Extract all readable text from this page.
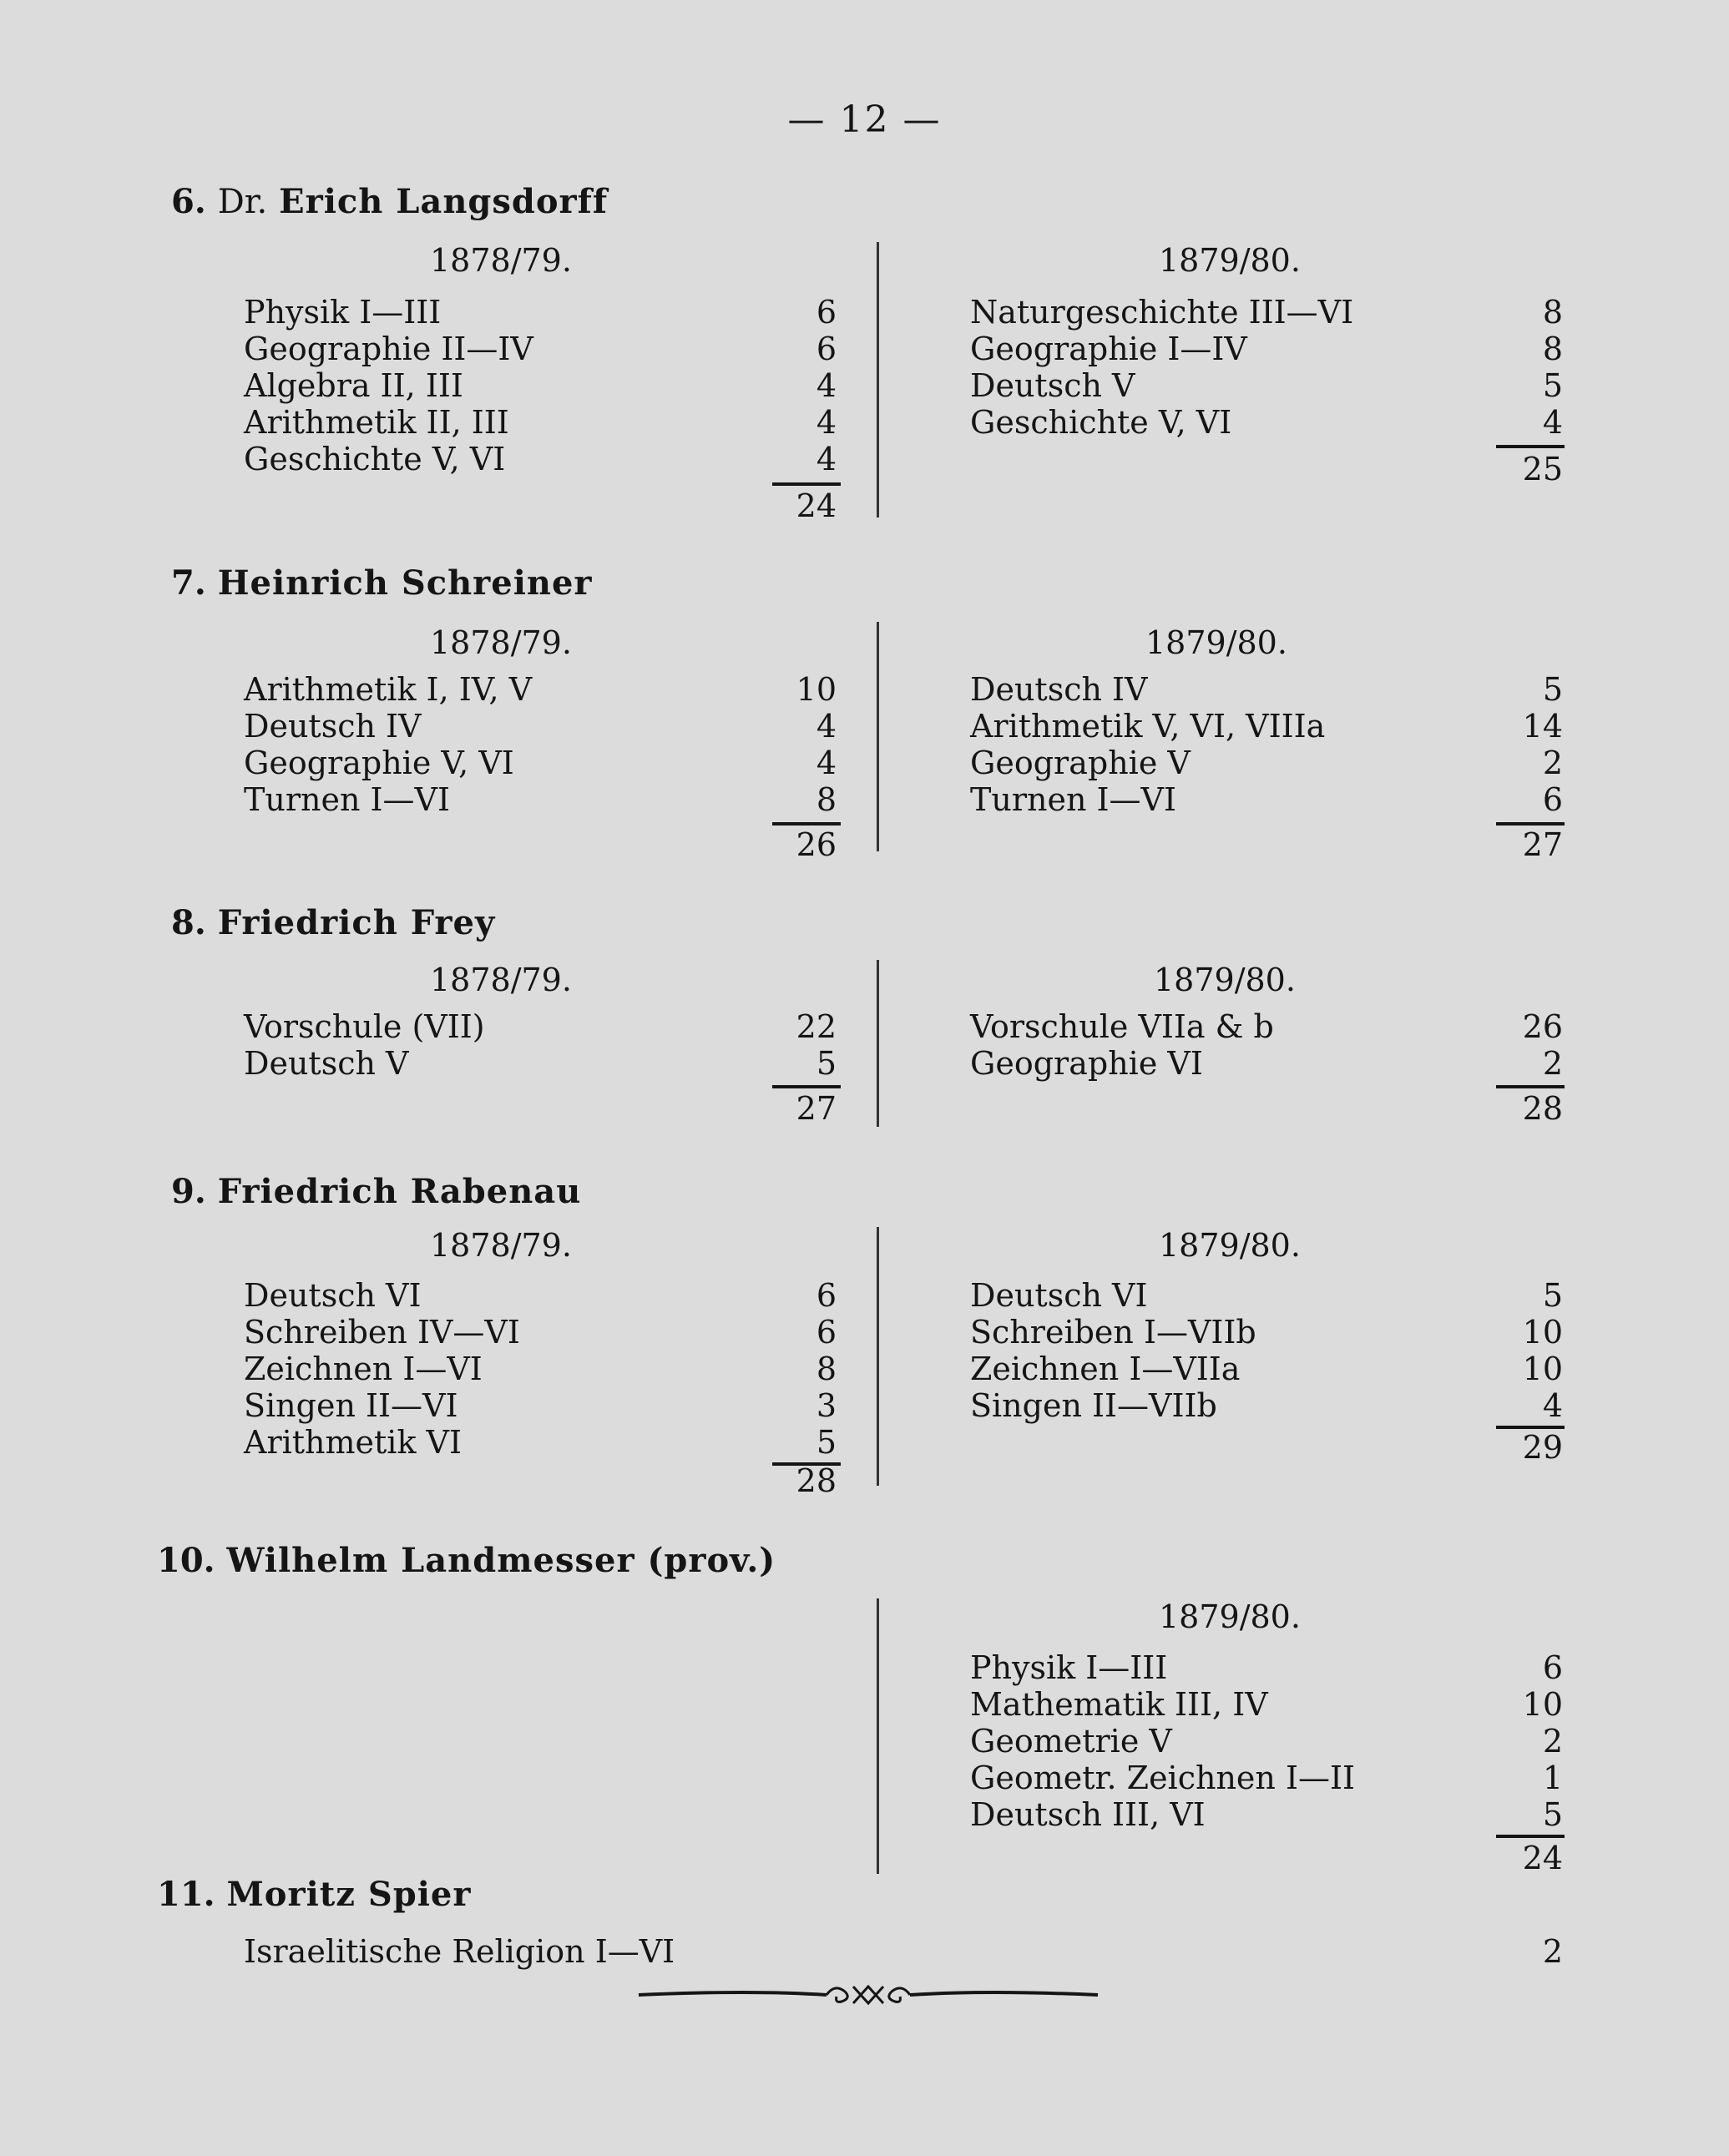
— 12 —
6. Dr. Erich Langsdorff
1878/79.	1879/80.
Physik I—III	6
Geographie II—IV	6
Algebra II, III	4
Arithmetik II, III	4
Geschichte V, VI	4
24
Naturgeschichte III—VI	8
Geographie I—IV	8
Deutsch V	5
Geschichte V, VI	4
25
7. Heinrich Schreiner
1878/79.	1879/80.
Arithmetik I, IV, V	10
Deutsch IV	4
Geographie V, VI	4
Turnen I—VI	8
26
Deutsch IV	5
Arithmetik V, VI, VIIIa	14
Geographie V	2
Turnen I—VI	6
27
8. Friedrich Frey
1878/79.	1879/80.
Vorschule (VII)	22
Deutsch V	5
27
Vorschule VIIa & b	26
Geographie VI	2
28
9. Friedrich Rabenau
1878/79.	1879/80.
Deutsch VI	6
Schreiben IV—VI	6
Zeichnen I—VI	8
Singen II—VI	3
Arithmetik VI	5
28
Deutsch VI	5
Schreiben I—VIIb	10
Zeichnen I—VIIa	10
Singen II—VIIb	4
29
10. Wilhelm Landmesser (prov.)
1879/80.
Physik I—III	6
Mathematik III, IV	10
Geometrie V	2
Geometr. Zeichnen I—II	1
Deutsch III, VI	5
24
11. Moritz Spier
Israelitische Religion I—VI	2
